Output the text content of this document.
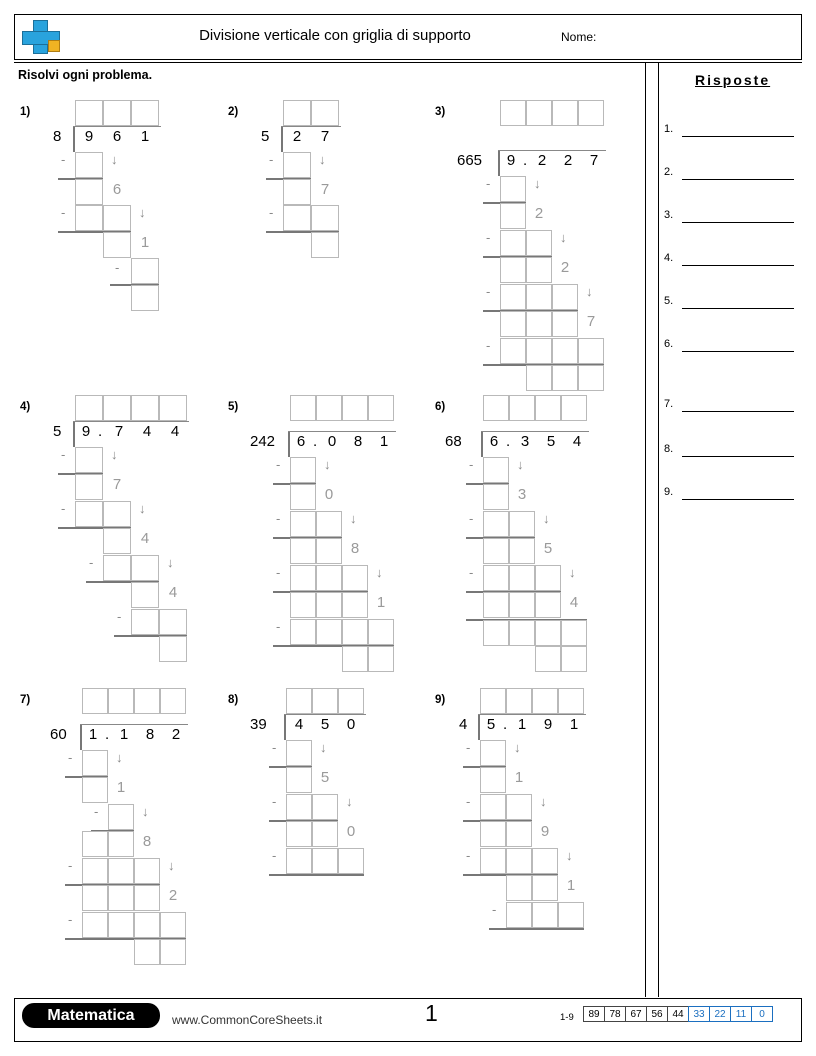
Divisione verticale con griglia di supporto	Nome:
Risolvi ogni problema.	Risposte
1.
2.
3.
4.
5.
6.
7.
8.
9.
1)
8	9	6	1
-	↓
6
-	↓
1
-
2)
5	2	7
↓
-
7
-
3)
665	9 . 2	2	7
-	↓
2
-	↓
2
-	↓
7
-
4)
5	9 . 7	4	4
-	↓
7
-	↓
4
-	↓
4
-
5)
242	6 . 0	8	1
-	↓
0
-	↓
8
-	↓
1
-
6)
68	6 . 3	5	4
-	↓
3
-	↓
5
-	↓
4
7)
60	1 . 1	8	2
-	↓
1
-	↓
8
-	↓
2
-
8)
39	4	5	0
-	↓
5
-	↓
0
-
9)
4	5 . 1	9	1
-	↓
1
-	↓
9
-	↓
1
-
Matematica	www.CommonCoreSheets.it	1	1-9	89 78 67 56 44 33 22	11	0
